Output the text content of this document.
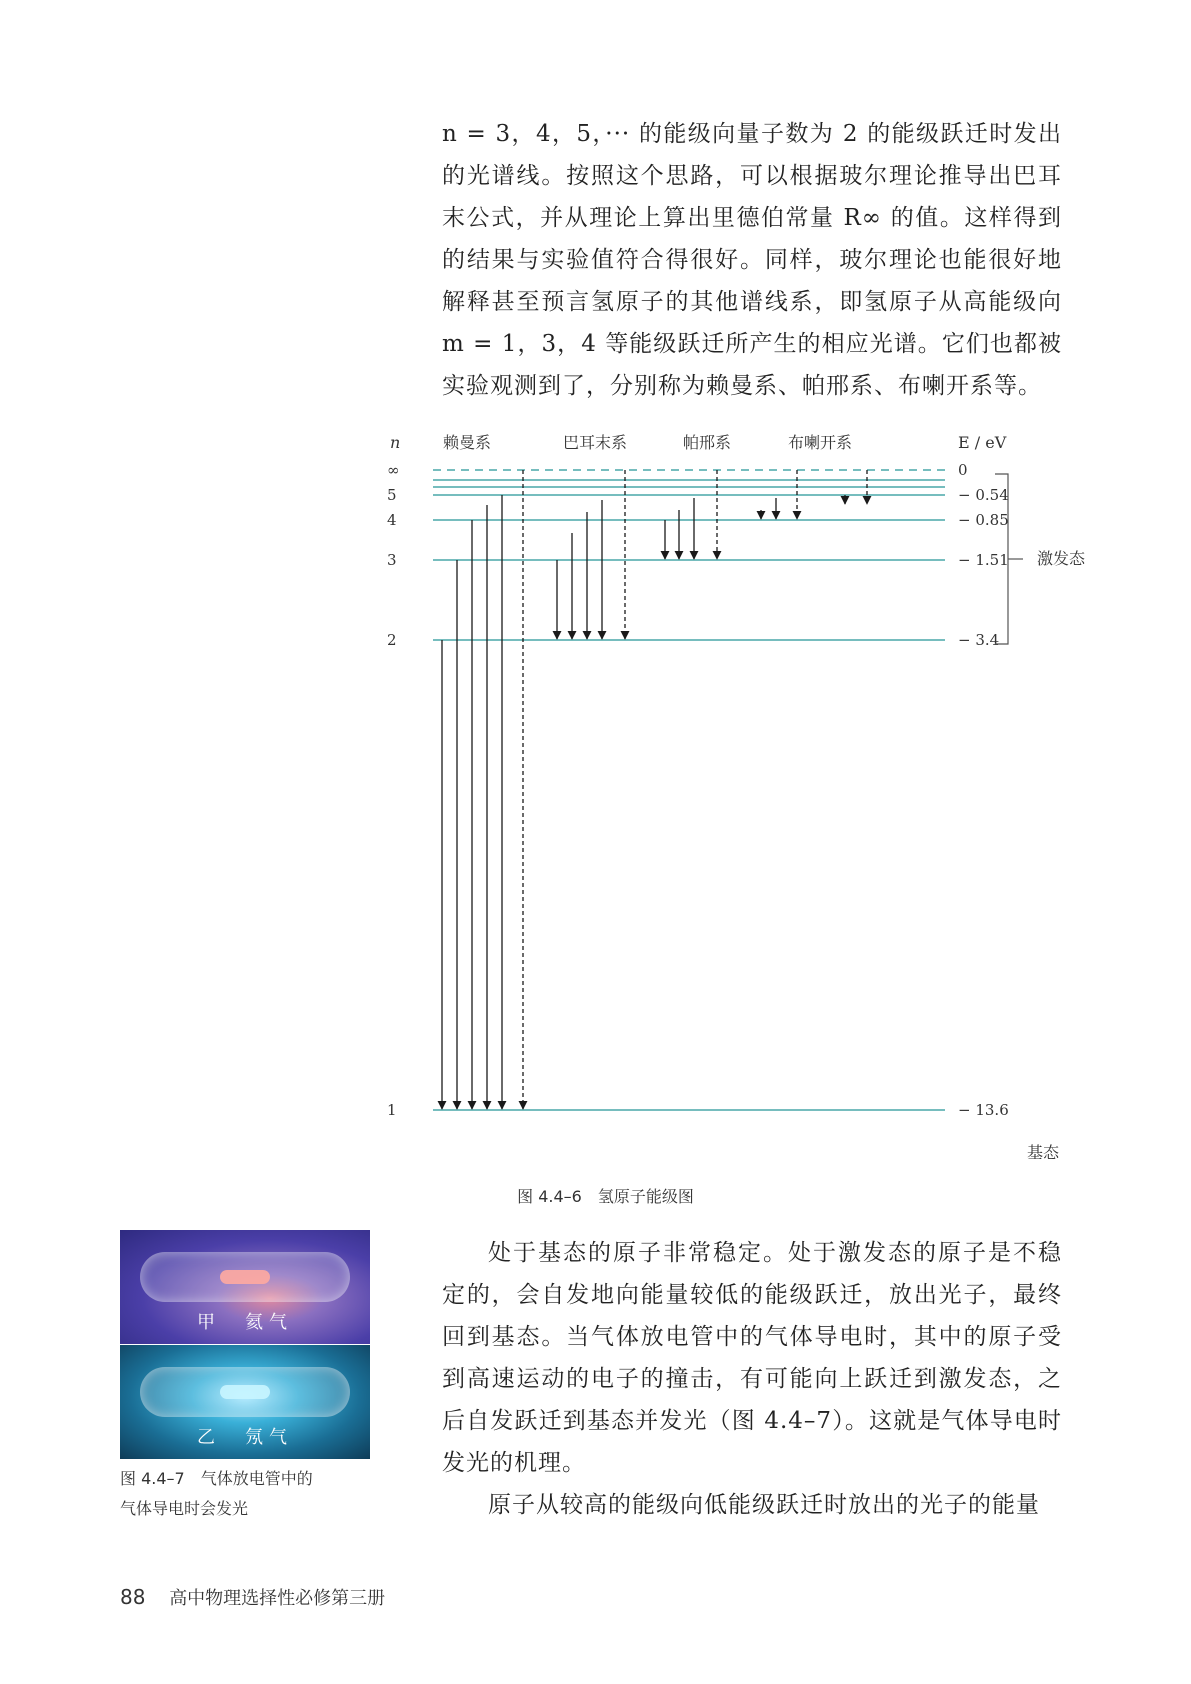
n = 3，4，5，··· 的能级向量子数为 2 的能级跃迁时发出的光谱线。按照这个思路，可以根据玻尔理论推导出巴耳末公式，并从理论上算出里德伯常量 R∞ 的值。这样得到的结果与实验值符合得很好。同样，玻尔理论也能很好地解释甚至预言氢原子的其他谱线系，即氢原子从高能级向 m = 1，3，4 等能级跃迁所产生的相应光谱。它们也都被实验观测到了，分别称为赖曼系、帕邢系、布喇开系等。

n	E / eV
赖曼系	巴耳末系	帕邢系	布喇开系
激发态
基态
∞	0
5	− 0.54
4	− 0.85
3	− 1.51
2	− 3.4
1	− 13.6
图 4.4–6　氢原子能级图
甲　氦气
乙　氖气
图 4.4–7　气体放电管中的
气体导电时会发光

处于基态的原子非常稳定。处于激发态的原子是不稳定的，会自发地向能量较低的能级跃迁，放出光子，最终回到基态。当气体放电管中的气体导电时，其中的原子受到高速运动的电子的撞击，有可能向上跃迁到激发态，之后自发跃迁到基态并发光（图 4.4–7）。这就是气体导电时发光的机理。

原子从较高的能级向低能级跃迁时放出的光子的能量

88 高中物理选择性必修第三册
